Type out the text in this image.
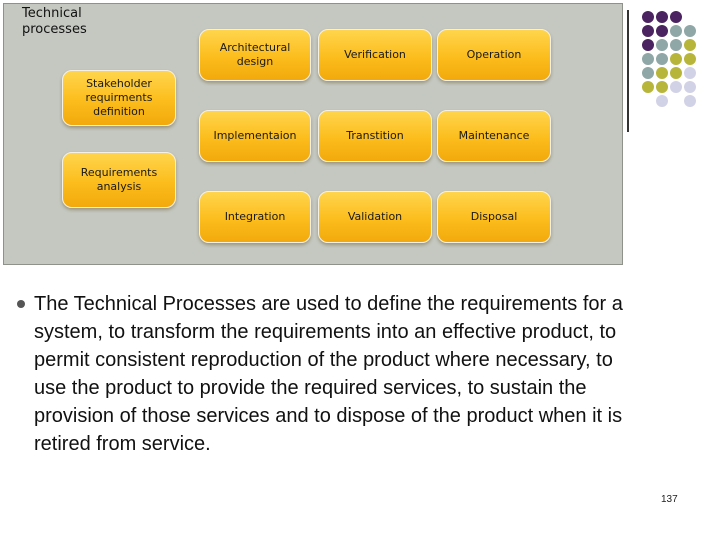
Technical
processes
Architectural
design
Verification	Operation
Stakeholder
requirments
definition
Implementaion	Transtition	Maintenance
Requirements
analysis
Integration	Validation	Disposal
The Technical Processes are used to define the requirements for a system, to transform the requirements into an effective product, to permit consistent reproduction of the product where necessary, to use the product to provide the required services, to sustain the provision of those services and to dispose of the product when it is retired from service.
137
